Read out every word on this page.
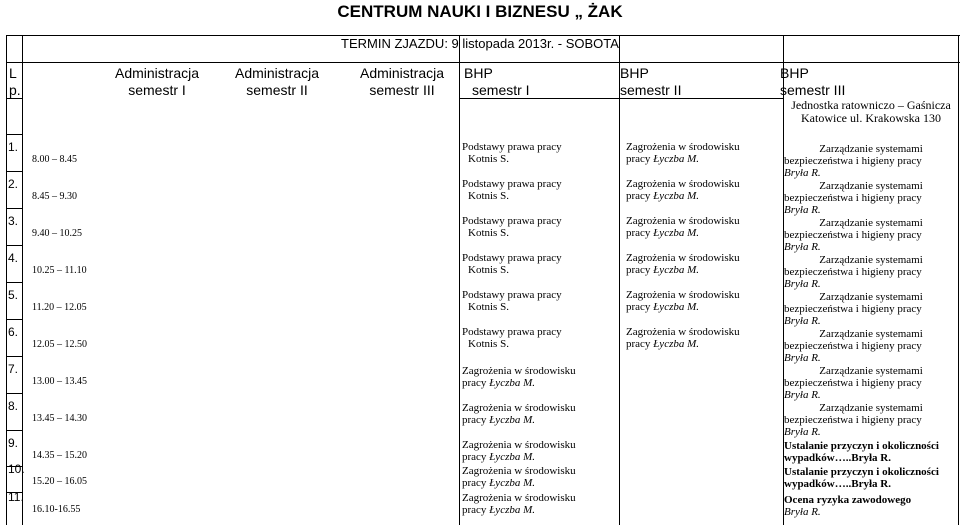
CENTRUM NAUKI I BIZNESU „ ŻAK
TERMIN ZJAZDU: 9 listopada 2013r. - SOBOTA
L
p.
Administracja
semestr I
Administracja
semestr II
Administracja
semestr III
BHP
semestr I
BHP
semestr II
BHP
semestr III
Jednostka ratowniczo – Gaśnicza Katowice ul. Krakowska 130
1.
8.00 – 8.45
2.
8.45 – 9.30
3.
9.40 – 10.25
4.
10.25 – 11.10
5.
11.20 – 12.05
6.
12.05 – 12.50
7.
13.00 – 13.45
8.
13.45 – 14.30
9.
14.35 – 15.20
10.
15.20 – 16.05
11.
16.10-16.55
Podstawy prawa pracy
Kotnis S.
Podstawy prawa pracy
Kotnis S.
Podstawy prawa pracy
Kotnis S.
Podstawy prawa pracy
Kotnis S.
Podstawy prawa pracy
Kotnis S.
Podstawy prawa pracy
Kotnis S.
Zagrożenia w środowisku
pracy Łyczba M.
Zagrożenia w środowisku
pracy Łyczba M.
Zagrożenia w środowisku
pracy Łyczba M.
Zagrożenia w środowisku
pracy Łyczba M.
Zagrożenia w środowisku
pracy Łyczba M.
Zagrożenia w środowisku
pracy Łyczba M.
Zagrożenia w środowisku
pracy Łyczba M.
Zagrożenia w środowisku
pracy Łyczba M.
Zagrożenia w środowisku
pracy Łyczba M.
Zagrożenia w środowisku
pracy Łyczba M.
Zagrożenia w środowisku
pracy Łyczba M.
Zarządzanie systemami
bezpieczeństwa i higieny pracy
Bryła R.
Zarządzanie systemami
bezpieczeństwa i higieny pracy
Bryła R.
Zarządzanie systemami
bezpieczeństwa i higieny pracy
Bryła R.
Zarządzanie systemami
bezpieczeństwa i higieny pracy
Bryła R.
Zarządzanie systemami
bezpieczeństwa i higieny pracy
Bryła R.
Zarządzanie systemami
bezpieczeństwa i higieny pracy
Bryła R.
Zarządzanie systemami
bezpieczeństwa i higieny pracy
Bryła R.
Zarządzanie systemami
bezpieczeństwa i higieny pracy
Bryła R.
Ustalanie przyczyn i okoliczności
wypadków…..Bryła R.
Ustalanie przyczyn i okoliczności
wypadków…..Bryła R.
Ocena ryzyka zawodowego
Bryła R.
